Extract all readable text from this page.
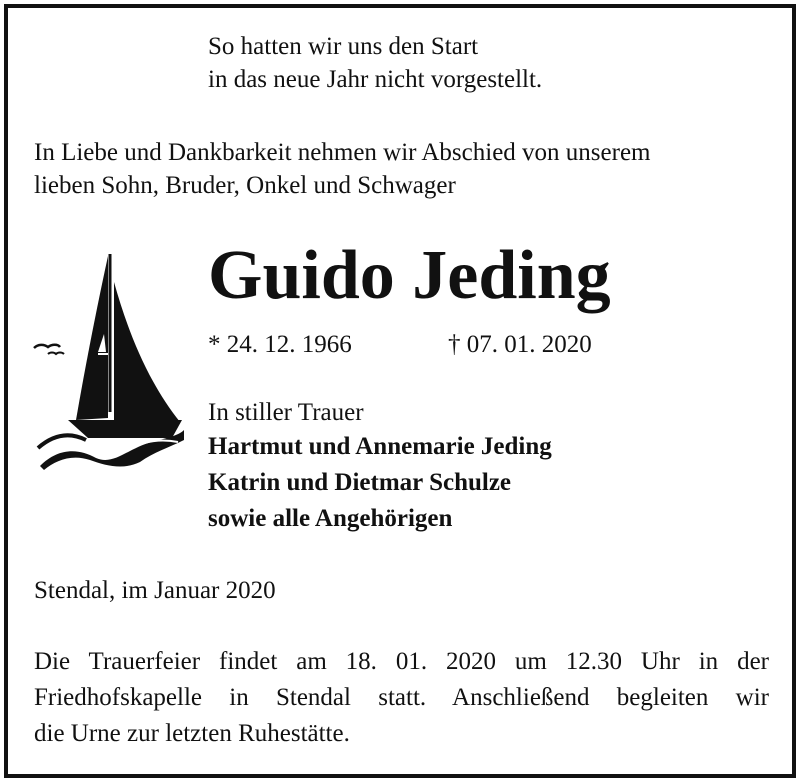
So hatten wir uns den Start
in das neue Jahr nicht vorgestellt.
In Liebe und Dankbarkeit nehmen wir Abschied von unserem
lieben Sohn, Bruder, Onkel und Schwager
Guido Jeding
* 24. 12. 1966	† 07. 01. 2020
In stiller Trauer
Hartmut und Annemarie Jeding
Katrin und Dietmar Schulze
sowie alle Angehörigen
Stendal, im Januar 2020
Die Trauerfeier findet am 18. 01. 2020 um 12.30 Uhr in der
Friedhofskapelle in Stendal statt. Anschließend begleiten wir
die Urne zur letzten Ruhestätte.
